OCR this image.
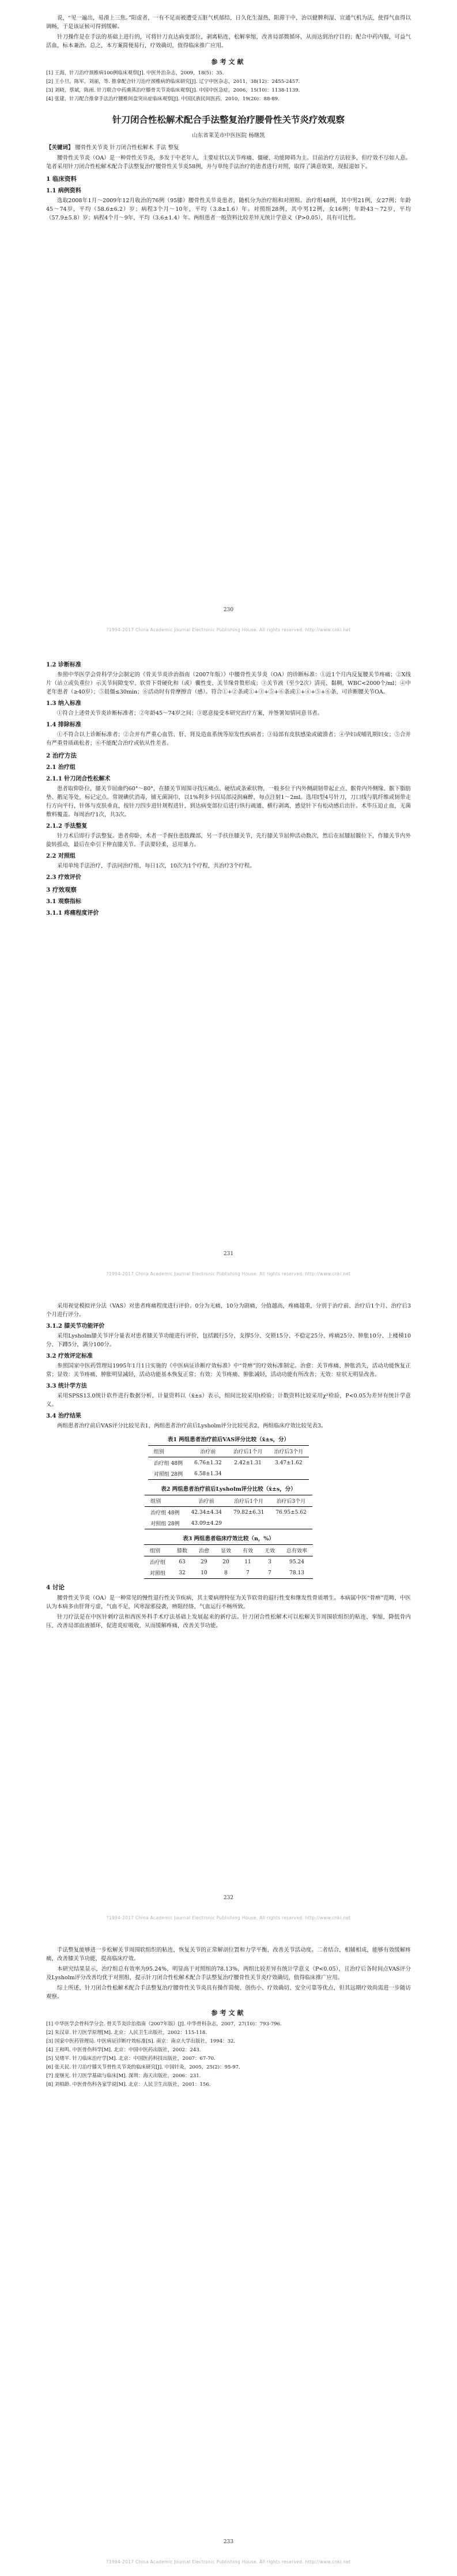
说，“见一遍出，易滑上三焦。”阳虚者，一有不足而被遭受五脏气机郁结，日久化生湿热，阻滞于中，治以健脾利湿、宣通气机为法，使得气血得以调畅，于是该证候可得到缓解。

针刀操作是在手法的基础上进行的，可将针刀直达病变部位，剥离粘连，松解挛缩，改善局部微循环，从而达到治疗目的；配合中药内服，可益气活血，标本兼治。总之，本方案简便易行，疗效确切，值得临床推广应用。

参考文献
[1] 王海，针刀治疗颈椎病100例临床观察[J]. 中医外治杂志，2009，18(5)：35.
[2] 王小旦，陈军，刘丽，等. 推拿配合针刀治疗颈椎病的临床研究[J]. 辽宁中医杂志，2011，38(12)：2455-2457.
[3] 刘晓，蔡斌，陈雨. 针刀联合中药熏蒸治疗膝骨关节炎临床观察[J]. 中国中医急症，2006，15(10)：1138-1139.
[4] 张建，针刀配合推拿手法治疗腰椎间盘突出症临床观察[J]. 中国民族民间医药，2010，19(20)：88-89.
针刀闭合性松解术配合手法整复治疗腰骨性关节炎疗效观察
山东省莱芜市中医医院 杨继凯
【关键词】 腰骨性关节炎 针刀闭合性松解术 手法 整复

腰骨性关节炎（OA）是一种骨性关节炎，多发于中老年人，主要症状以关节疼痛、僵硬、功能障碍为主。目前治疗方法较多，但疗效不尽如人意。笔者采用针刀闭合性松解术配合手法整复治疗腰骨性关节炎58例，并与单纯手法治疗的患者进行对照，取得了满意效果，现报道如下。

1 临床资料
1.1 病例资料

选取2008年1月～2009年12月收治的76例（95膝）腰骨性关节炎患者，随机分为治疗组和对照组。治疗组48例，其中男21例，女27例；年龄45～74岁，平均（58.6±6.2）岁；病程3个月～10年，平均（3.8±1.6）年。对照组28例，其中男12例，女16例；年龄43～72岁，平均（57.9±5.8）岁；病程4个月～9年，平均（3.6±1.4）年。两组患者一般资料比较差异无统计学意义（P>0.05），具有可比性。

230
?1994-2017 China Academic Journal Electronic Publishing House. All rights reserved. http://www.cnki.net
1.2 诊断标准

参照中华医学会骨科学分会制定的《骨关节炎诊治指南（2007年版）》中腰骨性关节炎（OA）的诊断标准：①近1个月内反复腰关节疼痛；②X线片（站立或负重位）示关节间隙变窄、软骨下骨硬化和（或）囊性变、关节缘骨赘形成；③关节液（至少2次）清亮、黏稠，WBC<2000个/ml；④中老年患者（≥40岁）；⑤晨僵≤30min；⑥活动时有骨摩擦音（感）。符合①+②条或①+③+⑤+⑥条或①+④+⑤+⑥条，可诊断腰关节OA。

1.3 纳入标准

①符合上述骨关节炎诊断标准者；②年龄45～74岁之间；③愿意接受本研究治疗方案，并签署知情同意书者。

1.4 排除标准

①不符合以上诊断标准者；②合并有严重心血管、肝、肾及造血系统等原发性疾病者；③局部有皮肤感染或破溃者；④孕妇或哺乳期妇女；⑤合并有严重骨质疏松者；⑥不能配合治疗或依从性差者。

2 治疗方法
2.1 治疗组
2.1.1 针刀闭合性松解术

患者取仰卧位，膝关节屈曲约60°～80°，在膝关节周围寻找压痛点、硬结或条索状物，一般多位于内外侧副韧带起止点、髌骨内外侧缘、髌下脂肪垫、鹅足等处，标记定点。常规碘伏消毒，铺无菌洞巾，以1%利多卡因局部浸润麻醉，每点注射1～2ml。选用Ⅰ型4号针刀，刀口线与肌纤维或韧带走行方向平行，针体与皮肤垂直，按针刀四步进针规程进针，到达病变部位后进行纵行疏通、横行剥离，感觉针下有松动感后出针。术毕压迫止血，无菌敷料覆盖。每周治疗1次，共3次。

2.1.2 手法整复

针刀术后即行手法整复。患者仰卧，术者一手握住患肢踝部，另一手扶住膝关节，先行膝关节屈伸活动数次，然后在屈膝屈髋位下，作膝关节内外旋转摇动，最后在牵引下伸直膝关节。手法要轻柔，忌用暴力。

2.2 对照组

采用单纯手法治疗，手法同治疗组，每日1次，10次为1个疗程，共治疗3个疗程。

2.3 疗效评价
3 疗效观察
3.1 观察指标
3.1.1 疼痛程度评价
231
?1994-2017 China Academic Journal Electronic Publishing House. All rights reserved. http://www.cnki.net

采用视觉模拟评分法（VAS）对患者疼痛程度进行评价。0分为无痛，10分为剧痛，分值越高，疼痛越重，分别于治疗前、治疗后1个月、治疗后3个月进行评分。

3.1.2 膝关节功能评价

采用Lysholm膝关节评分量表对患者膝关节功能进行评价，包括跛行5分、支撑5分、交锁15分、不稳定25分、疼痛25分、肿胀10分、上楼梯10分、下蹲5分，满分100分。

3.2 疗效评定标准

参照国家中医药管理局1995年1月1日实施的《中医病证诊断疗效标准》中“骨痹”的疗效标准制定。治愈：关节疼痛、肿胀消失，活动功能恢复正常；显效：关节疼痛、肿胀明显减轻，活动功能基本恢复正常；有效：关节疼痛、肿胀减轻，活动功能有所改善；无效：症状无明显改善。

3.3 统计学方法

采用SPSS13.0统计软件进行数据分析，计量资料以（x̄±s）表示，组间比较采用t检验；计数资料比较采用χ²检验，P<0.05为差异有统计学意义。

3.4 治疗结果

两组患者治疗前后VAS评分比较见表1，两组患者治疗前后Lysholm评分比较见表2，两组临床疗效比较见表3。

表1 两组患者治疗前后VAS评分比较（x̄±s，分）
组别	治疗前	治疗后1个月	治疗后3个月
治疗组 48例	6.76±1.32	2.42±1.31	3.47±1.62
对照组 28例	6.58±1.34		
表2 两组患者治疗前后Lysholm评分比较（x̄±s，分）
组别	治疗前	治疗后1个月	治疗后3个月
治疗组 48例	42.34±4.34	79.82±6.31	76.95±5.62
对照组 28例	43.09±4.29		
表3 两组患者临床疗效比较（n，%）
组别	膝数	治愈	显效	有效	无效	总有效率
治疗组	63	29	20	11	3	95.24
对照组	32	10	8	7	7	78.13
4 讨论

腰骨性关节炎（OA）是一种常见的慢性退行性关节疾病，其主要病理特征为关节软骨的退行性变和继发性骨质增生。本病属中医“骨痹”范畴，中医认为本病多由肝肾亏虚，气血不足，风寒湿邪侵袭，痹阻经络，气血运行不畅所致。

针刀疗法是在中医针刺疗法和西医外科手术疗法基础上发展起来的新疗法。针刀闭合性松解术可以松解关节周围软组织的粘连、挛缩，降低骨内压，改善局部血液循环，促进炎症吸收，从而缓解疼痛，改善关节功能。

232
?1994-2017 China Academic Journal Electronic Publishing House. All rights reserved. http://www.cnki.net

手法整复能够进一步松解关节周围软组织的粘连，恢复关节的正常解剖位置和力学平衡，改善关节活动度。二者结合，相辅相成，能够有效缓解疼痛，改善膝关节功能，提高临床疗效。

本研究结果显示，治疗组总有效率为95.24%，明显高于对照组的78.13%，两组比较差异有统计学意义（P<0.05），且治疗后各时间点VAS评分及Lysholm评分改善均优于对照组，提示针刀闭合性松解术配合手法整复治疗腰骨性关节炎疗效确切，值得临床推广应用。

综上所述，针刀闭合性松解术配合手法整复治疗腰骨性关节炎具有操作简便、创伤小、疗效确切、安全可靠等优点，但其远期疗效尚需进一步随访观察。

参考文献
[1] 中华医学会骨科学分会. 骨关节炎诊治指南（2007年版）[J]. 中华骨科杂志，2007，27(10)：793-796.
[2] 朱汉章. 针刀医学原理[M]. 北京：人民卫生出版社，2002：115-118.
[3] 国家中医药管理局. 中医病证诊断疗效标准[S]. 南京：南京大学出版社，1994：32.
[4] 王和鸣. 中医骨伤科学[M]. 北京：中国中医药出版社，2002：243.
[5] 吴绪平. 针刀临床治疗学[M]. 北京：中国医药科技出版社，2007：67-70.
[6] 张天民. 针刀治疗膝关节骨性关节炎的临床研究[J]. 中国针灸，2005，25(2)：95-97.
[7] 庞继光. 针刀医学基础与临床[M]. 深圳：海天出版社，2006：231.
[8] 刘柏龄. 中医骨伤科各家学说[M]. 北京：人民卫生出版社，2001：156.
233
?1994-2017 China Academic Journal Electronic Publishing House. All rights reserved. http://www.cnki.net
